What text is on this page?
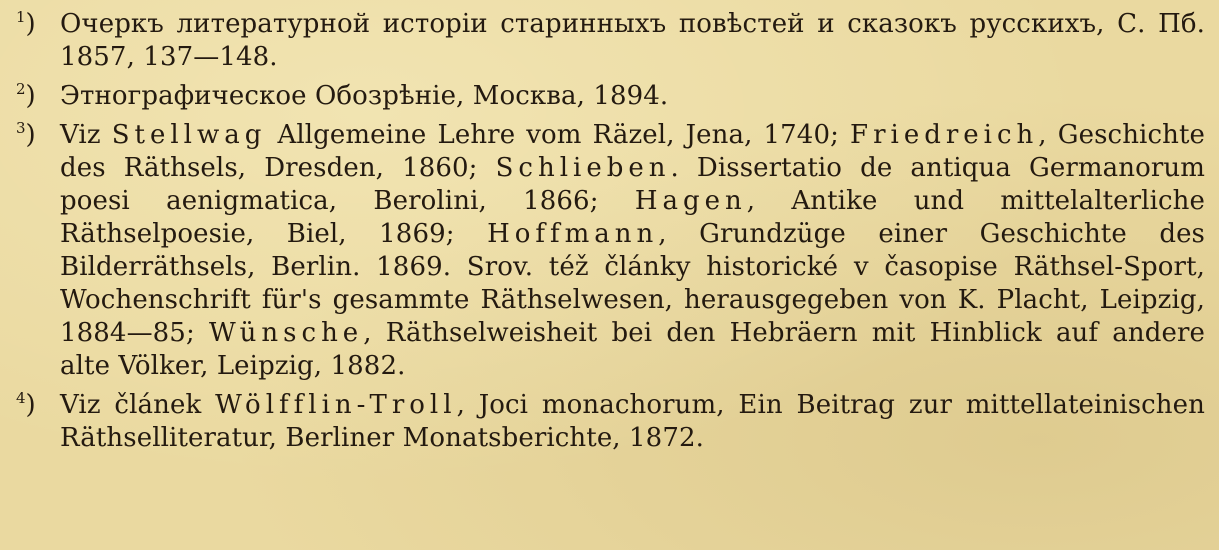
$^1$) Очеркъ литературной исторіи старинныхъ повѣстей и сказокъ русскихъ, С. Пб. 1857, 137—148.
$^2$) Этнографическое Обозрѣніе, Москва, 1894.
$^3$) Viz Stellwag Allgemeine Lehre vom Räzel, Jena, 1740; Friedreich, Geschichte des Räthsels, Dresden, 1860; Schlieben. Dissertatio de antiqua Germanorum poesi aenigmatica, Berolini, 1866; Hagen, Antike und mittelalterliche Räthselpoesie, Biel, 1869; Hoffmann, Grundzüge einer Geschichte des Bilderräthsels, Berlin. 1869. Srov. též články historické v časopise Räthsel-Sport, Wochenschrift für's gesammte Räthselwesen, herausgegeben von K. Placht, Leipzig, 1884—85; Wünsche, Räthselweisheit bei den Hebräern mit Hinblick auf andere alte Völker, Leipzig, 1882.
$^4$) Viz článek Wölfflin-Troll, Joci monachorum, Ein Beitrag zur mittellateinischen Räthselliteratur, Berliner Monatsberichte, 1872.
